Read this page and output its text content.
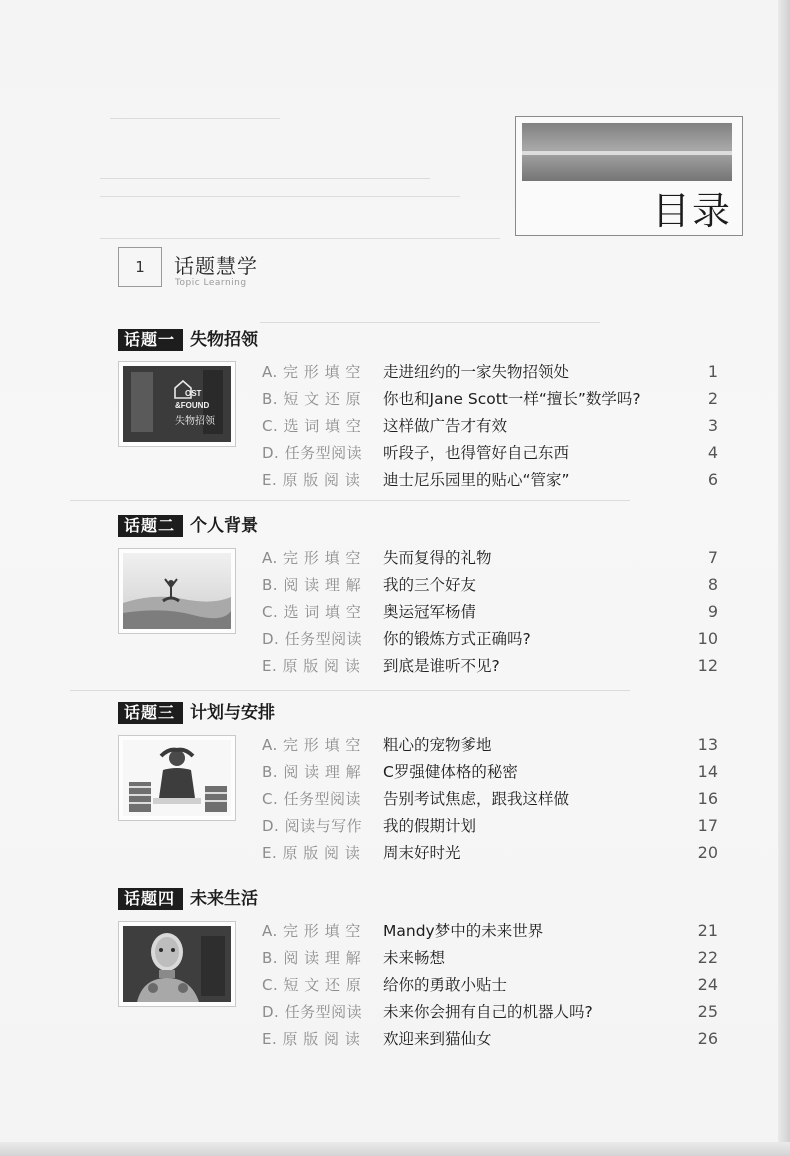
目录
1	话题慧学
Topic Learning
话题一 失物招领
OST
&FOUND
失物招领
A. 完 形 填 空	走进纽约的一家失物招领处	1
B. 短 文 还 原	你也和Jane Scott一样“擅长”数学吗?	2
C. 选 词 填 空	这样做广告才有效	3
D. 任务型阅读	听段子，也得管好自己东西	4
E. 原 版 阅 读	迪士尼乐园里的贴心“管家”	6
话题二 个人背景
A. 完 形 填 空	失而复得的礼物	7
B. 阅 读 理 解	我的三个好友	8
C. 选 词 填 空	奥运冠军杨倩	9
D. 任务型阅读	你的锻炼方式正确吗?	10
E. 原 版 阅 读	到底是谁听不见?	12
话题三 计划与安排
A. 完 形 填 空	粗心的宠物爹地	13
B. 阅 读 理 解	C罗强健体格的秘密	14
C. 任务型阅读	告别考试焦虑，跟我这样做	16
D. 阅读与写作	我的假期计划	17
E. 原 版 阅 读	周末好时光	20
话题四 未来生活
A. 完 形 填 空	Mandy梦中的未来世界	21
B. 阅 读 理 解	未来畅想	22
C. 短 文 还 原	给你的勇敢小贴士	24
D. 任务型阅读	未来你会拥有自己的机器人吗?	25
E. 原 版 阅 读	欢迎来到猫仙女	26
